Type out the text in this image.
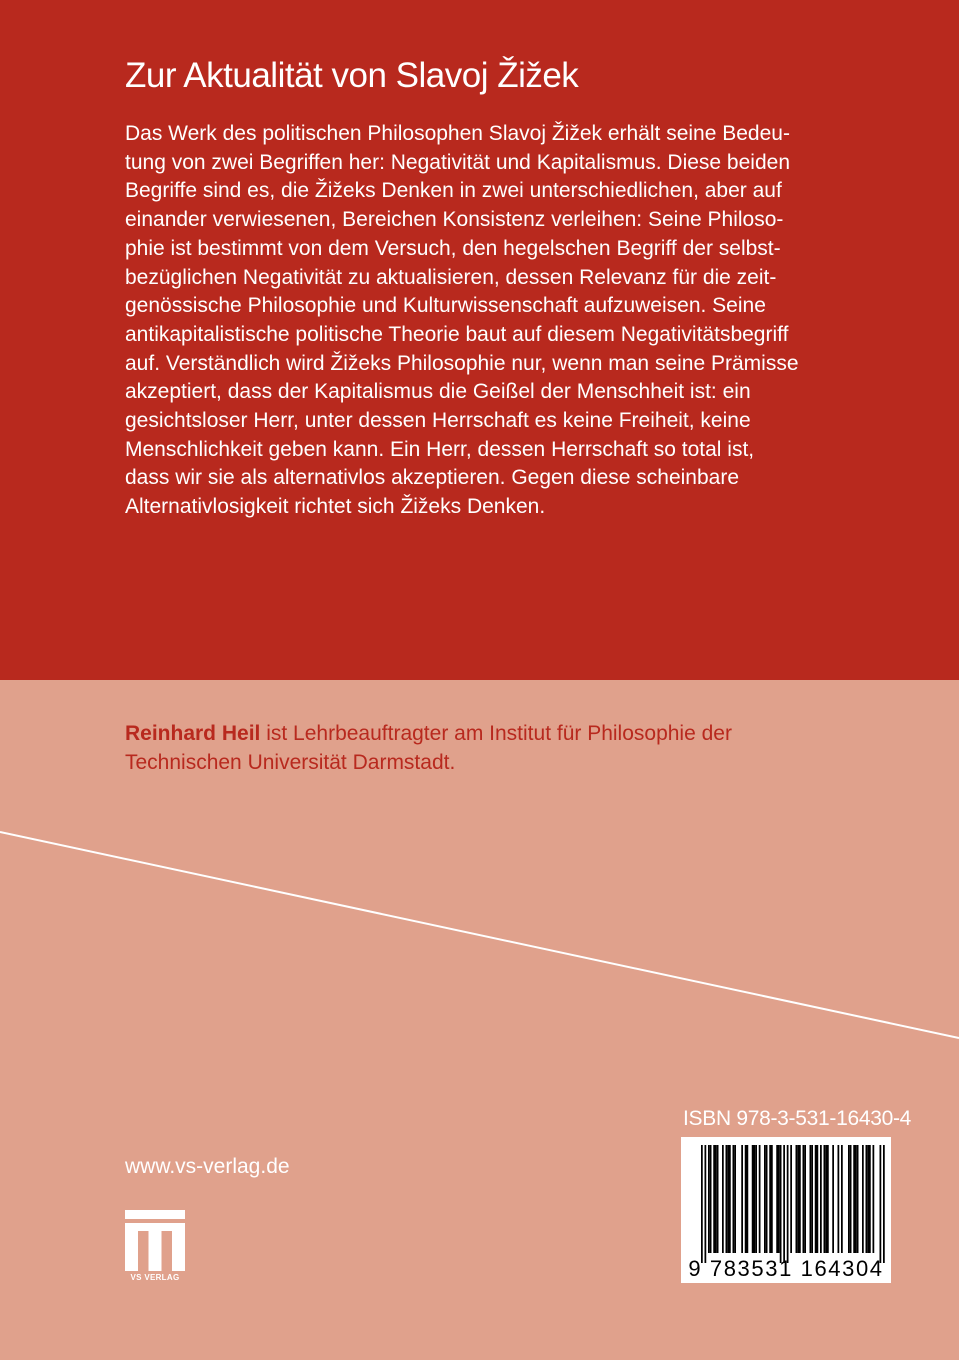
Zur Aktualität von Slavoj Žižek
Das Werk des politischen Philosophen Slavoj Žižek erhält seine Bedeu-
tung von zwei Begriffen her: Negativität und Kapitalismus. Diese beiden
Begriffe sind es, die Žižeks Denken in zwei unterschiedlichen, aber auf
einander verwiesenen, Bereichen Konsistenz verleihen: Seine Philoso-
phie ist bestimmt von dem Versuch, den hegelschen Begriff der selbst-
bezüglichen Negativität zu aktualisieren, dessen Relevanz für die zeit-
genössische Philosophie und Kulturwissenschaft aufzuweisen. Seine
antikapitalistische politische Theorie baut auf diesem Negativitätsbegriff
auf. Verständlich wird Žižeks Philosophie nur, wenn man seine Prämisse
akzeptiert, dass der Kapitalismus die Geißel der Menschheit ist: ein
gesichtsloser Herr, unter dessen Herrschaft es keine Freiheit, keine
Menschlichkeit geben kann. Ein Herr, dessen Herrschaft so total ist,
dass wir sie als alternativlos akzeptieren. Gegen diese scheinbare
Alternativlosigkeit richtet sich Žižeks Denken.
Reinhard Heil ist Lehrbeauftragter am Institut für Philosophie der
Technischen Universität Darmstadt.
www.vs-verlag.de
VS VERLAG
ISBN 978-3-531-16430-4
9 783531 164304
